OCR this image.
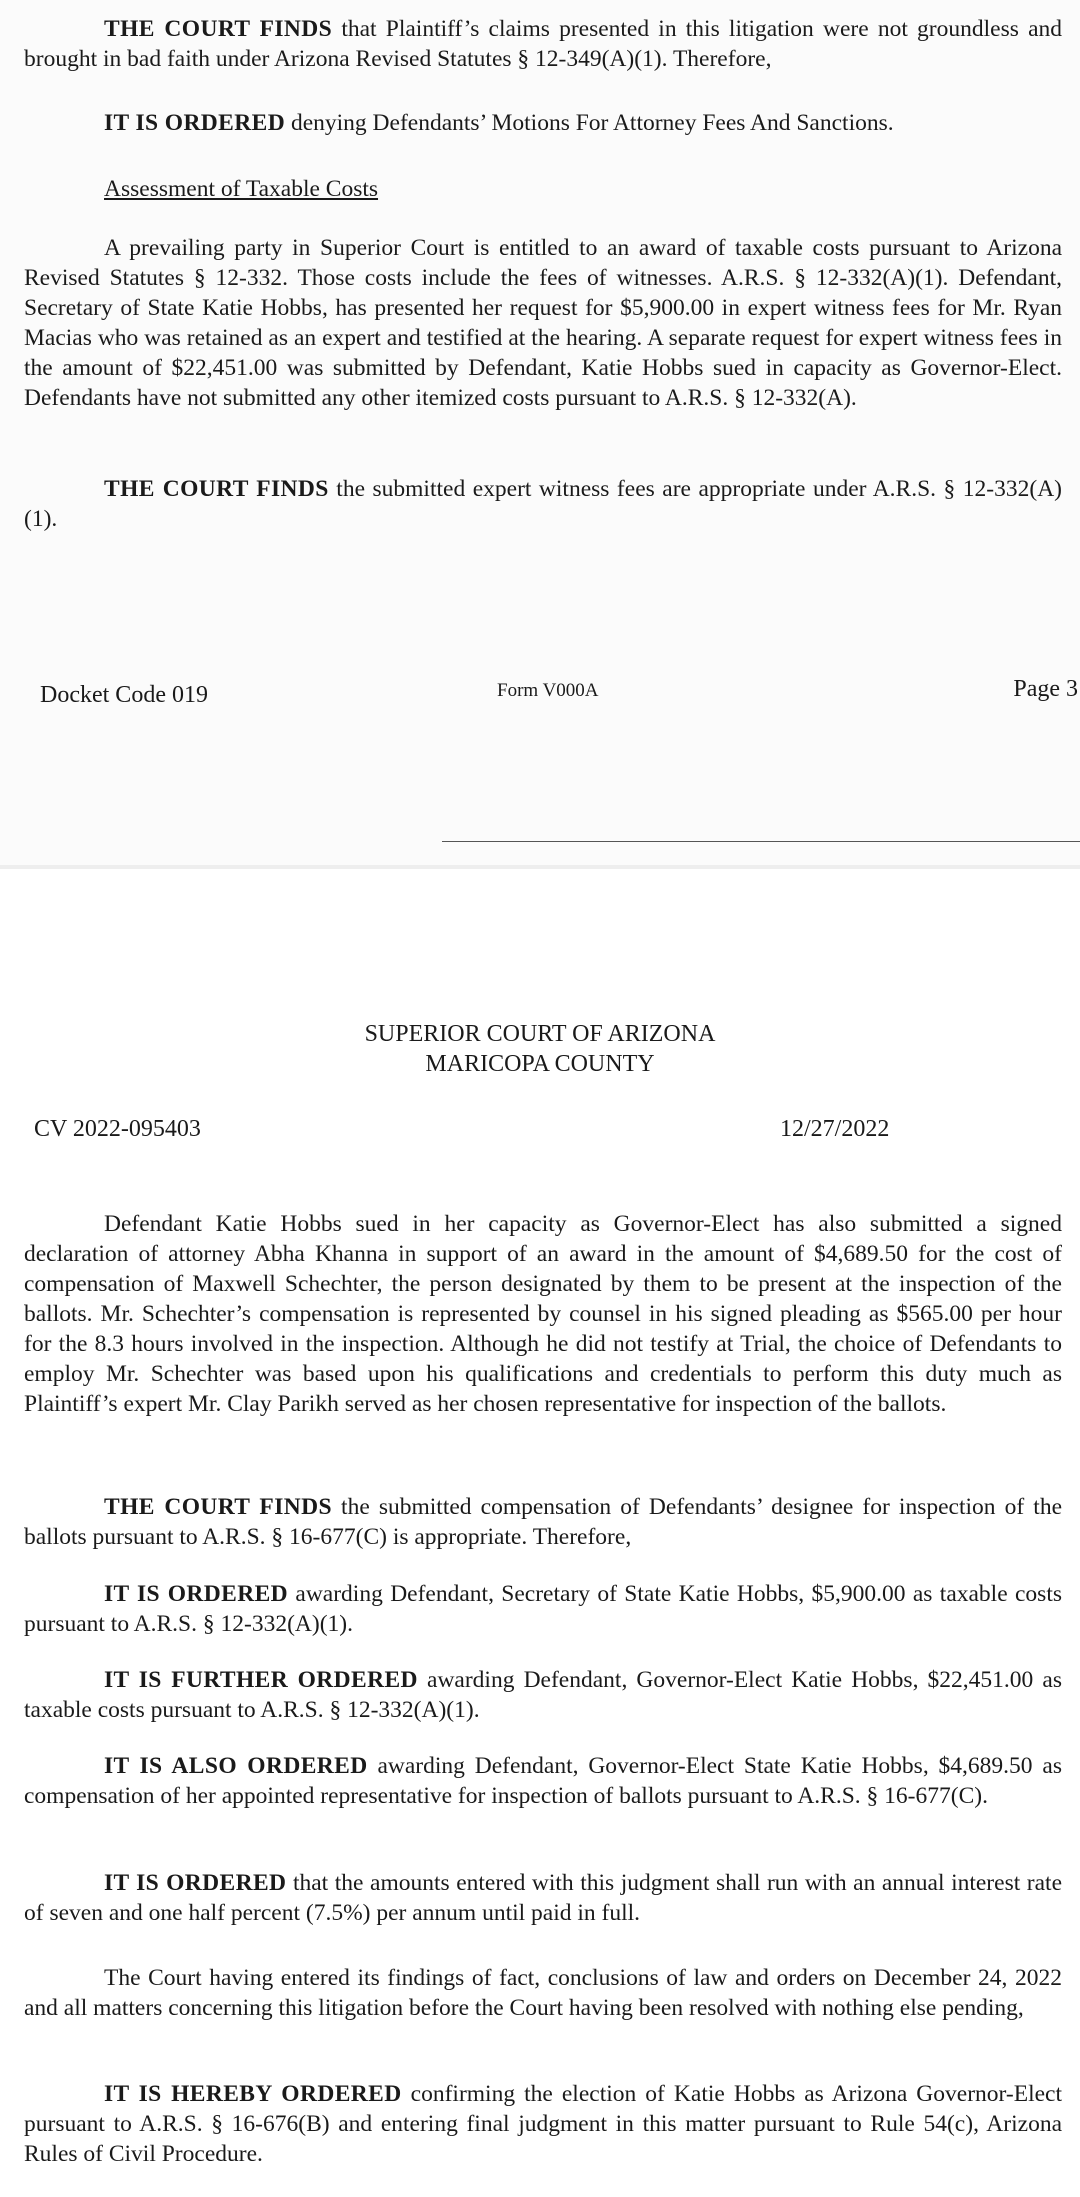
THE COURT FINDS that Plaintiff’s claims presented in this litigation were not groundless and brought in bad faith under Arizona Revised Statutes § 12-349(A)(1). Therefore,

IT IS ORDERED denying Defendants’ Motions For Attorney Fees And Sanctions.

Assessment of Taxable Costs

A prevailing party in Superior Court is entitled to an award of taxable costs pursuant to Arizona Revised Statutes § 12-332. Those costs include the fees of witnesses. A.R.S. § 12-332(A)(1). Defendant, Secretary of State Katie Hobbs, has presented her request for $5,900.00 in expert witness fees for Mr. Ryan Macias who was retained as an expert and testified at the hearing. A separate request for expert witness fees in the amount of $22,451.00 was submitted by Defendant, Katie Hobbs sued in capacity as Governor-Elect. Defendants have not submitted any other itemized costs pursuant to A.R.S. § 12-332(A).

THE COURT FINDS the submitted expert witness fees are appropriate under A.R.S. § 12-332(A)(1).

Docket Code 019	Form V000A	Page 3
SUPERIOR COURT OF ARIZONA
MARICOPA COUNTY
CV 2022-095403	12/27/2022

Defendant Katie Hobbs sued in her capacity as Governor-Elect has also submitted a signed declaration of attorney Abha Khanna in support of an award in the amount of $4,689.50 for the cost of compensation of Maxwell Schechter, the person designated by them to be present at the inspection of the ballots. Mr. Schechter’s compensation is represented by counsel in his signed pleading as $565.00 per hour for the 8.3 hours involved in the inspection. Although he did not testify at Trial, the choice of Defendants to employ Mr. Schechter was based upon his qualifications and credentials to perform this duty much as Plaintiff’s expert Mr. Clay Parikh served as her chosen representative for inspection of the ballots.

THE COURT FINDS the submitted compensation of Defendants’ designee for inspection of the ballots pursuant to A.R.S. § 16-677(C) is appropriate. Therefore,

IT IS ORDERED awarding Defendant, Secretary of State Katie Hobbs, $5,900.00 as taxable costs pursuant to A.R.S. § 12-332(A)(1).

IT IS FURTHER ORDERED awarding Defendant, Governor-Elect Katie Hobbs, $22,451.00 as taxable costs pursuant to A.R.S. § 12-332(A)(1).

IT IS ALSO ORDERED awarding Defendant, Governor-Elect State Katie Hobbs, $4,689.50 as compensation of her appointed representative for inspection of ballots pursuant to A.R.S. § 16-677(C).

IT IS ORDERED that the amounts entered with this judgment shall run with an annual interest rate of seven and one half percent (7.5%) per annum until paid in full.

The Court having entered its findings of fact, conclusions of law and orders on December 24, 2022 and all matters concerning this litigation before the Court having been resolved with nothing else pending,

IT IS HEREBY ORDERED confirming the election of Katie Hobbs as Arizona Governor-Elect pursuant to A.R.S. § 16-676(B) and entering final judgment in this matter pursuant to Rule 54(c), Arizona Rules of Civil Procedure.
